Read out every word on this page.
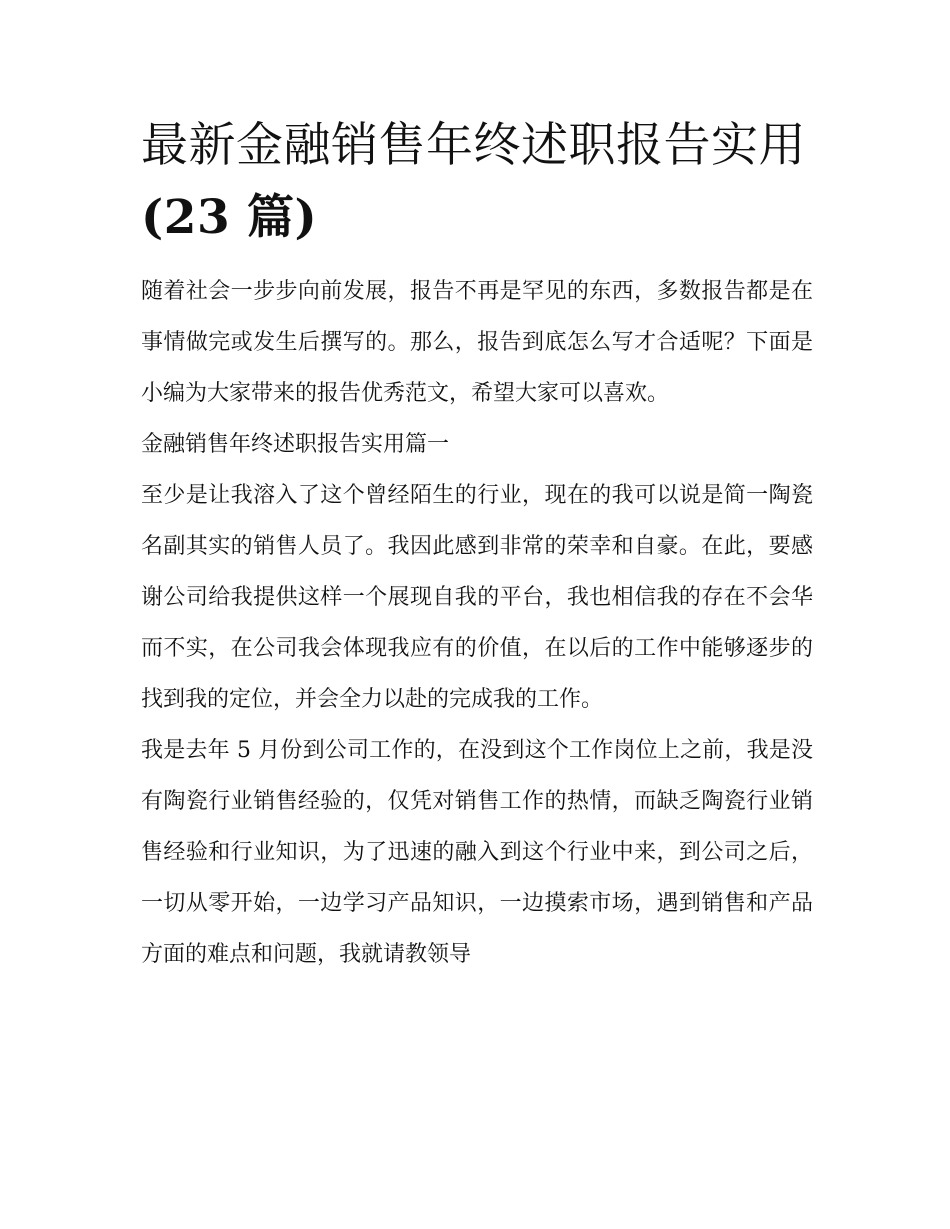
最新金融销售年终述职报告实用(23 篇)

随着社会一步步向前发展，报告不再是罕见的东西，多数报告都是在事情做完或发生后撰写的。那么，报告到底怎么写才合适呢？下面是小编为大家带来的报告优秀范文，希望大家可以喜欢。

金融销售年终述职报告实用篇一

至少是让我溶入了这个曾经陌生的行业，现在的我可以说是简一陶瓷名副其实的销售人员了。我因此感到非常的荣幸和自豪。在此，要感谢公司给我提供这样一个展现自我的平台，我也相信我的存在不会华而不实，在公司我会体现我应有的价值，在以后的工作中能够逐步的找到我的定位，并会全力以赴的完成我的工作。

我是去年 5 月份到公司工作的，在没到这个工作岗位上之前，我是没有陶瓷行业销售经验的，仅凭对销售工作的热情，而缺乏陶瓷行业销售经验和行业知识，为了迅速的融入到这个行业中来，到公司之后，一切从零开始，一边学习产品知识，一边摸索市场，遇到销售和产品方面的难点和问题，我就请教领导
